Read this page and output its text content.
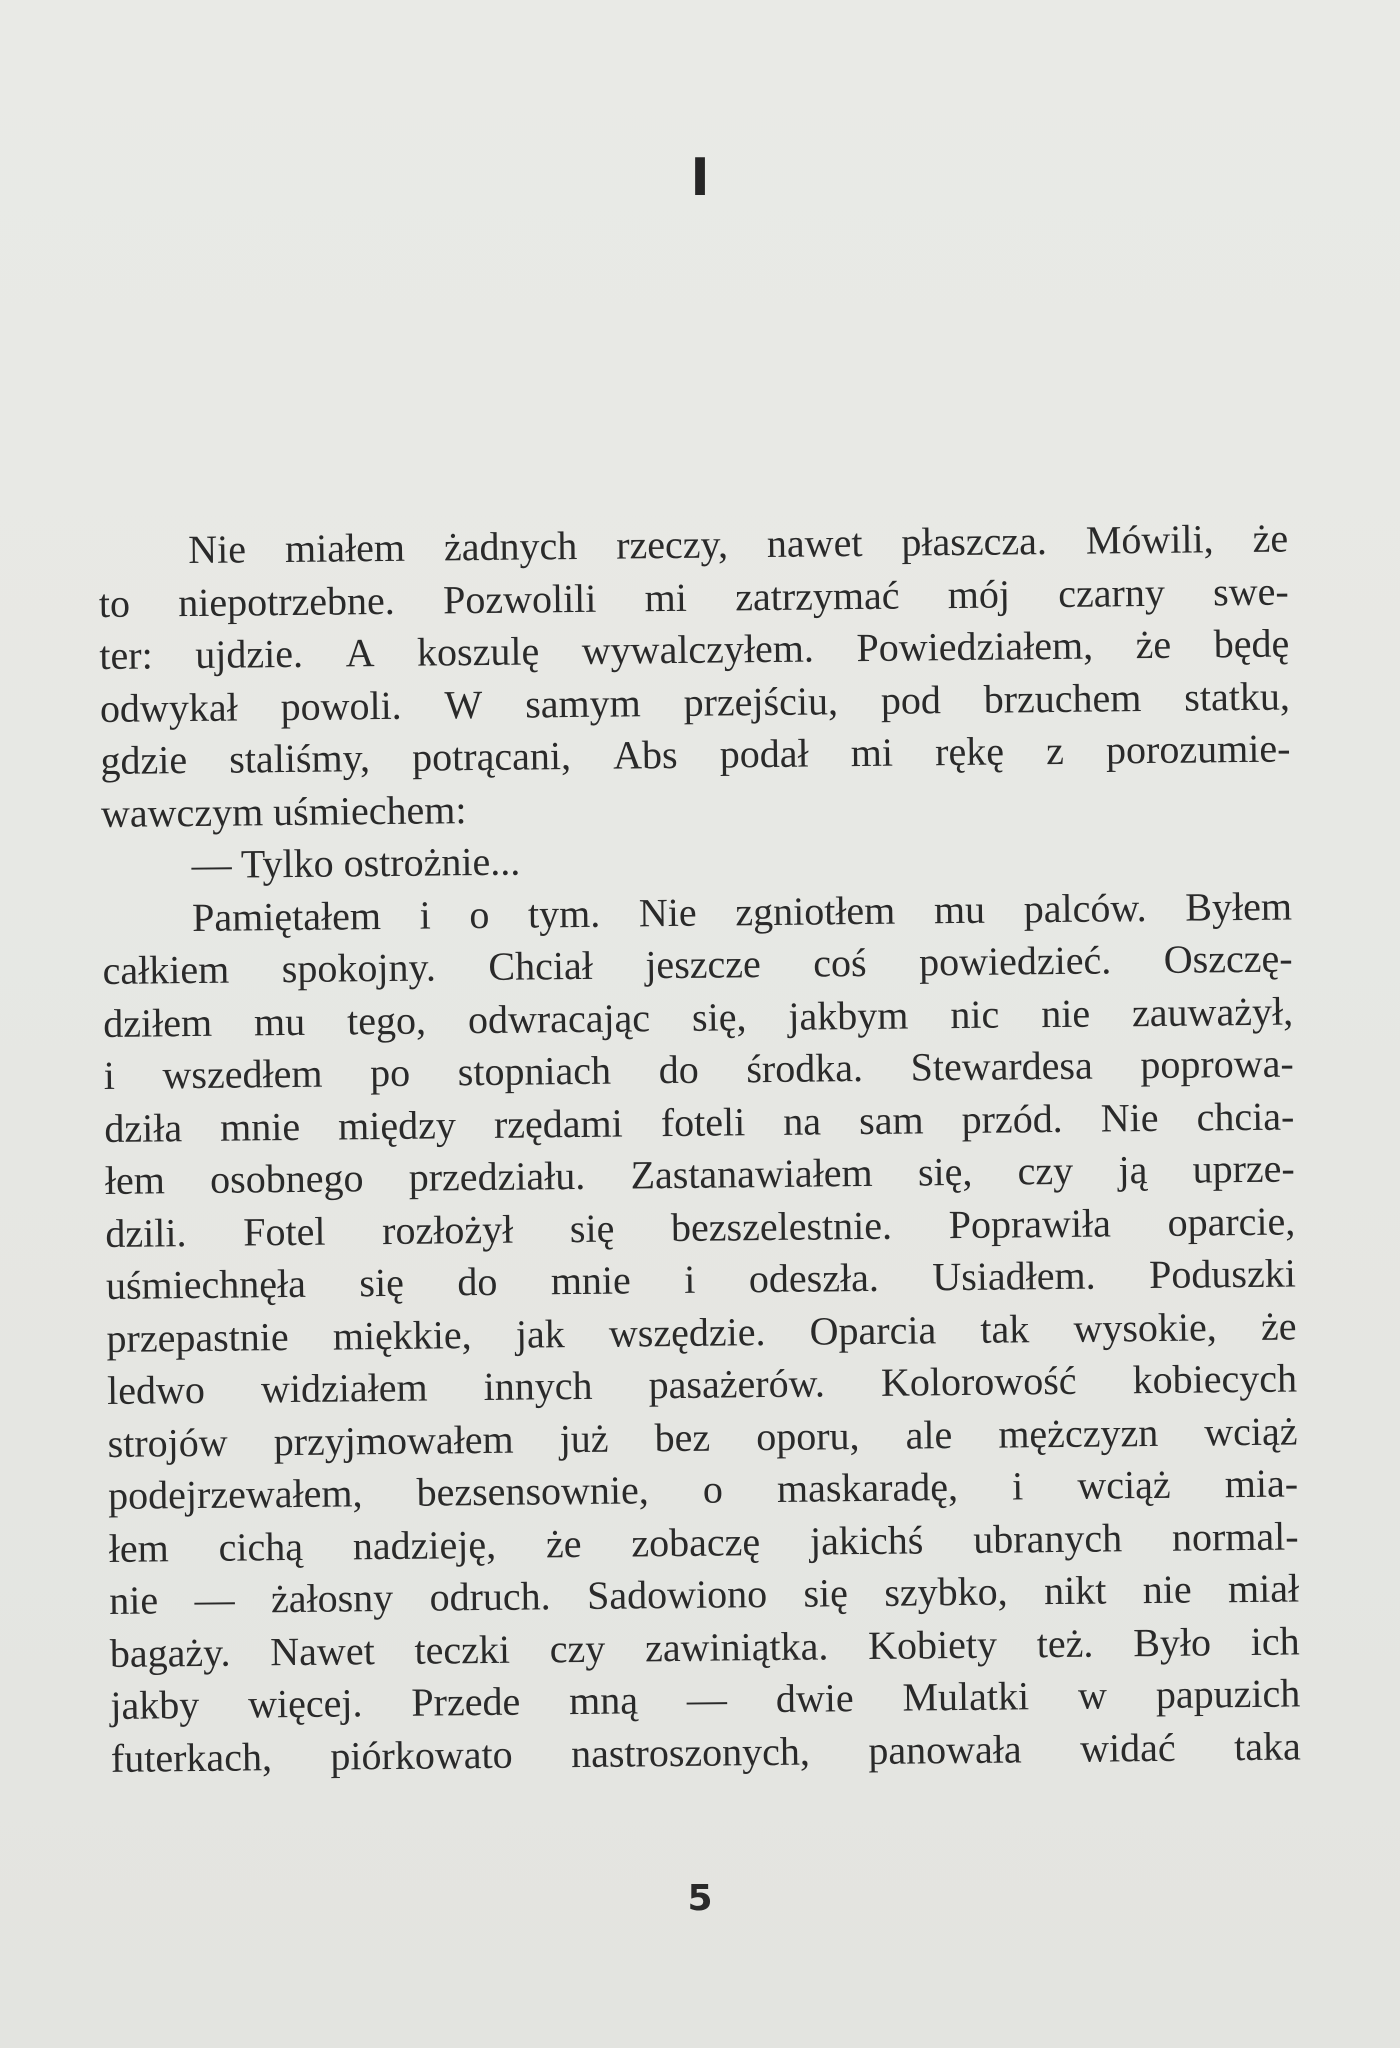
I
Nie miałem żadnych rzeczy, nawet płaszcza. Mówili, że
to niepotrzebne. Pozwolili mi zatrzymać mój czarny swe-
ter: ujdzie. A koszulę wywalczyłem. Powiedziałem, że będę
odwykał powoli. W samym przejściu, pod brzuchem statku,
gdzie staliśmy, potrącani, Abs podał mi rękę z porozumie-
wawczym uśmiechem:
— Tylko ostrożnie...
Pamiętałem i o tym. Nie zgniotłem mu palców. Byłem
całkiem spokojny. Chciał jeszcze coś powiedzieć. Oszczę-
dziłem mu tego, odwracając się, jakbym nic nie zauważył,
i wszedłem po stopniach do środka. Stewardesa poprowa-
dziła mnie między rzędami foteli na sam przód. Nie chcia-
łem osobnego przedziału. Zastanawiałem się, czy ją uprze-
dzili. Fotel rozłożył się bezszelestnie. Poprawiła oparcie,
uśmiechnęła się do mnie i odeszła. Usiadłem. Poduszki
przepastnie miękkie, jak wszędzie. Oparcia tak wysokie, że
ledwo widziałem innych pasażerów. Kolorowość kobiecych
strojów przyjmowałem już bez oporu, ale mężczyzn wciąż
podejrzewałem, bezsensownie, o maskaradę, i wciąż mia-
łem cichą nadzieję, że zobaczę jakichś ubranych normal-
nie — żałosny odruch. Sadowiono się szybko, nikt nie miał
bagaży. Nawet teczki czy zawiniątka. Kobiety też. Było ich
jakby więcej. Przede mną — dwie Mulatki w papuzich
futerkach, piórkowato nastroszonych, panowała widać taka
5
